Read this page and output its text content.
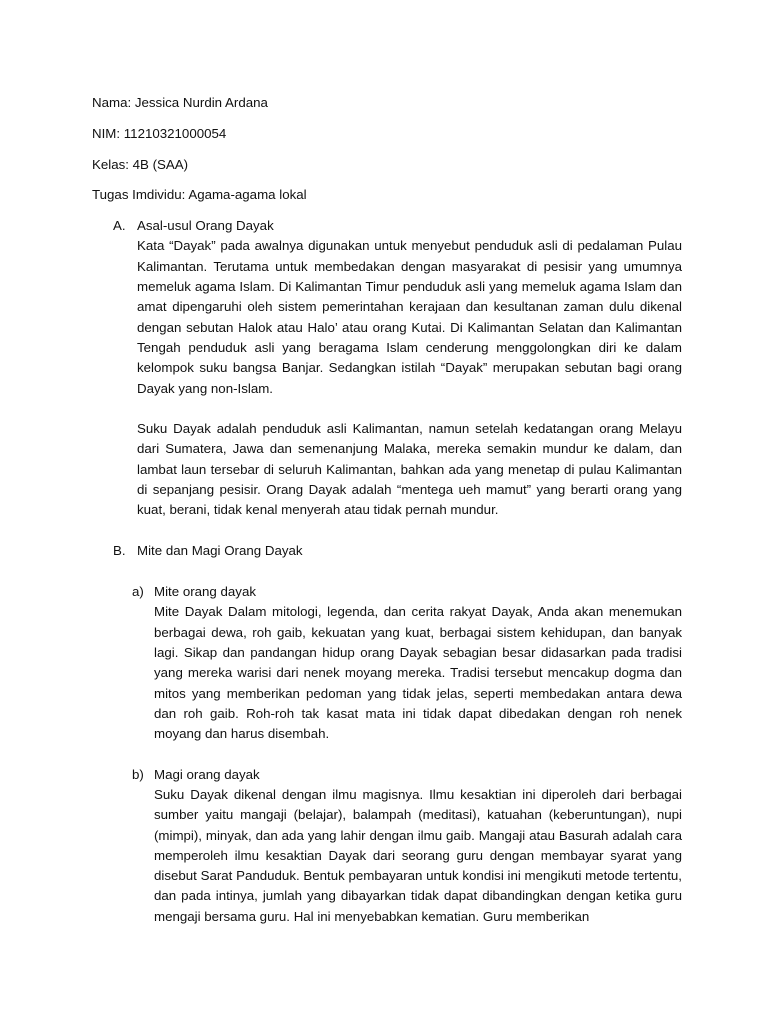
Nama: Jessica Nurdin Ardana

NIM: 11210321000054

Kelas: 4B (SAA)

Tugas Imdividu: Agama-agama lokal

A. Asal-usul Orang Dayak

Kata “Dayak” pada awalnya digunakan untuk menyebut penduduk asli di pedalaman Pulau Kalimantan. Terutama untuk membedakan dengan masyarakat di pesisir yang umumnya memeluk agama Islam. Di Kalimantan Timur penduduk asli yang memeluk agama Islam dan amat dipengaruhi oleh sistem pemerintahan kerajaan dan kesultanan zaman dulu dikenal dengan sebutan Halok atau Halo’ atau orang Kutai. Di Kalimantan Selatan dan Kalimantan Tengah penduduk asli yang beragama Islam cenderung menggolongkan diri ke dalam kelompok suku bangsa Banjar. Sedangkan istilah “Dayak” merupakan sebutan bagi orang Dayak yang non-Islam.

Suku Dayak adalah penduduk asli Kalimantan, namun setelah kedatangan orang Melayu dari Sumatera, Jawa dan semenanjung Malaka, mereka semakin mundur ke dalam, dan lambat laun tersebar di seluruh Kalimantan, bahkan ada yang menetap di pulau Kalimantan di sepanjang pesisir. Orang Dayak adalah “mentega ueh mamut” yang berarti orang yang kuat, berani, tidak kenal menyerah atau tidak pernah mundur.

B. Mite dan Magi Orang Dayak

a) Mite orang dayak

Mite Dayak Dalam mitologi, legenda, dan cerita rakyat Dayak, Anda akan menemukan berbagai dewa, roh gaib, kekuatan yang kuat, berbagai sistem kehidupan, dan banyak lagi. Sikap dan pandangan hidup orang Dayak sebagian besar didasarkan pada tradisi yang mereka warisi dari nenek moyang mereka. Tradisi tersebut mencakup dogma dan mitos yang memberikan pedoman yang tidak jelas, seperti membedakan antara dewa dan roh gaib. Roh-roh tak kasat mata ini tidak dapat dibedakan dengan roh nenek moyang dan harus disembah.

b) Magi orang dayak

Suku Dayak dikenal dengan ilmu magisnya. Ilmu kesaktian ini diperoleh dari berbagai sumber yaitu mangaji (belajar), balampah (meditasi), katuahan (keberuntungan), nupi (mimpi), minyak, dan ada yang lahir dengan ilmu gaib. Mangaji atau Basurah adalah cara memperoleh ilmu kesaktian Dayak dari seorang guru dengan membayar syarat yang disebut Sarat Panduduk. Bentuk pembayaran untuk kondisi ini mengikuti metode tertentu, dan pada intinya, jumlah yang dibayarkan tidak dapat dibandingkan dengan ketika guru mengaji bersama guru. Hal ini menyebabkan kematian. Guru memberikan
